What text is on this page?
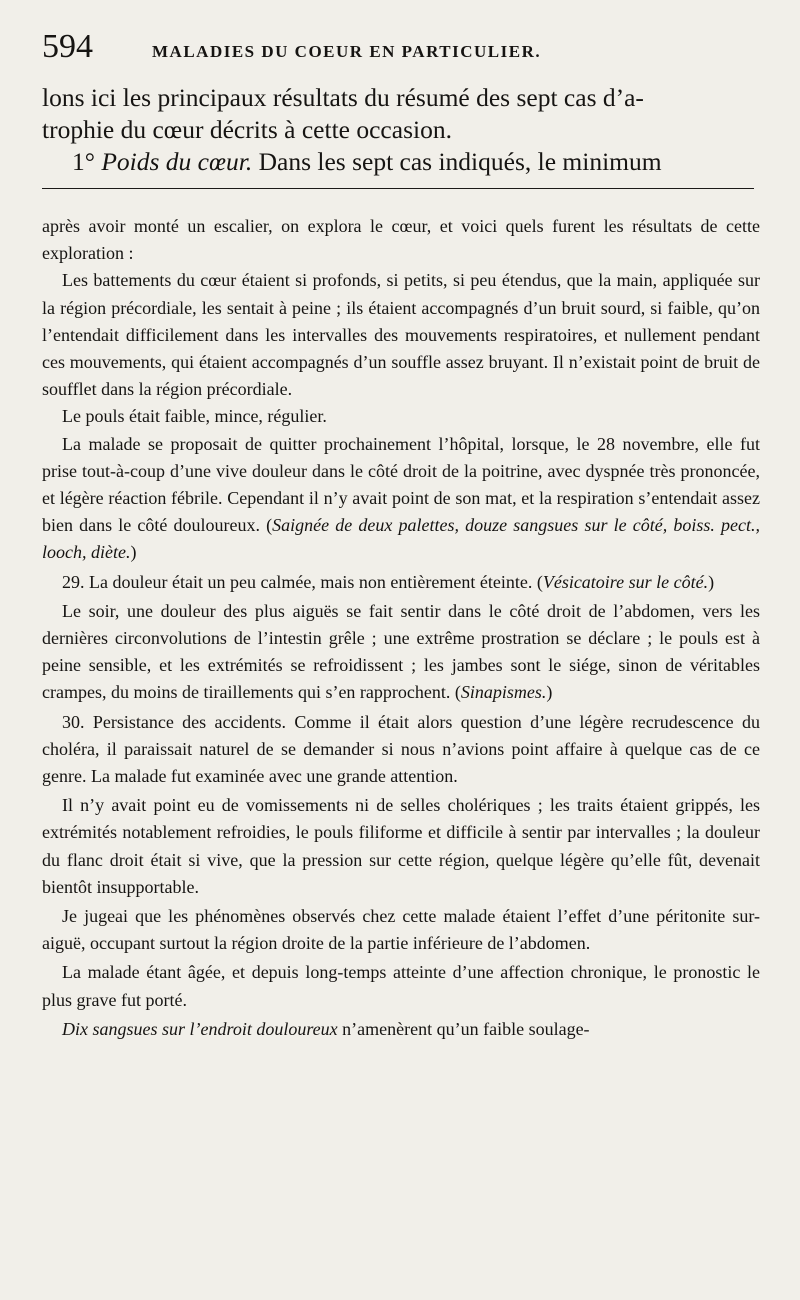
594	MALADIES DU COEUR EN PARTICULIER.

lons ici les principaux résultats du résumé des sept cas d’a-

trophie du cœur décrits à cette occasion.

1° Poids du cœur. Dans les sept cas indiqués, le minimum

après avoir monté un escalier, on explora le cœur, et voici quels furent les résultats de cette exploration :

Les battements du cœur étaient si profonds, si petits, si peu étendus, que la main, appliquée sur la région précordiale, les sentait à peine ; ils étaient accompagnés d’un bruit sourd, si faible, qu’on l’entendait difficilement dans les intervalles des mouvements respiratoires, et nullement pendant ces mouvements, qui étaient accompagnés d’un souffle assez bruyant. Il n’existait point de bruit de soufflet dans la région précordiale.

Le pouls était faible, mince, régulier.

La malade se proposait de quitter prochainement l’hôpital, lorsque, le 28 novembre, elle fut prise tout-à-coup d’une vive douleur dans le côté droit de la poitrine, avec dyspnée très prononcée, et légère réaction fébrile. Cependant il n’y avait point de son mat, et la respiration s’entendait assez bien dans le côté douloureux. (Saignée de deux palettes, douze sangsues sur le côté, boiss. pect., looch, diète.)

29. La douleur était un peu calmée, mais non entièrement éteinte. (Vésicatoire sur le côté.)

Le soir, une douleur des plus aiguës se fait sentir dans le côté droit de l’abdomen, vers les dernières circonvolutions de l’intestin grêle ; une extrême prostration se déclare ; le pouls est à peine sensible, et les extrémités se refroidissent ; les jambes sont le siége, sinon de véritables crampes, du moins de tiraillements qui s’en rapprochent. (Sinapismes.)

30. Persistance des accidents. Comme il était alors question d’une légère recrudescence du choléra, il paraissait naturel de se demander si nous n’avions point affaire à quelque cas de ce genre. La malade fut examinée avec une grande attention.

Il n’y avait point eu de vomissements ni de selles cholériques ; les traits étaient grippés, les extrémités notablement refroidies, le pouls filiforme et difficile à sentir par intervalles ; la douleur du flanc droit était si vive, que la pression sur cette région, quelque légère qu’elle fût, devenait bientôt insupportable.

Je jugeai que les phénomènes observés chez cette malade étaient l’effet d’une péritonite sur-aiguë, occupant surtout la région droite de la partie inférieure de l’abdomen.

La malade étant âgée, et depuis long-temps atteinte d’une affection chronique, le pronostic le plus grave fut porté.

Dix sangsues sur l’endroit douloureux n’amenèrent qu’un faible soulage-
